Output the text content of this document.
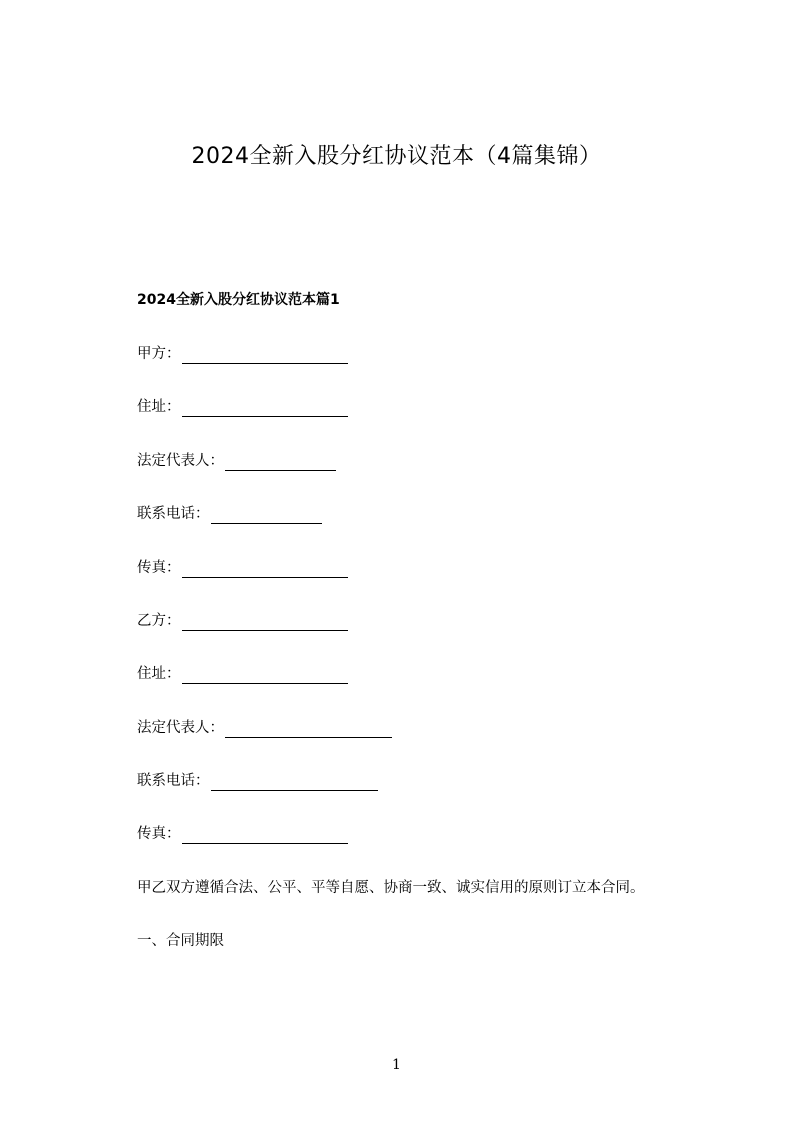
2024全新入股分红协议范本（4篇集锦）
2024全新入股分红协议范本篇1
甲方：
住址：
法定代表人：
联系电话：
传真：
乙方：
住址：
法定代表人：
联系电话：
传真：
甲乙双方遵循合法、公平、平等自愿、协商一致、诚实信用的原则订立本合同。
一、合同期限
1
